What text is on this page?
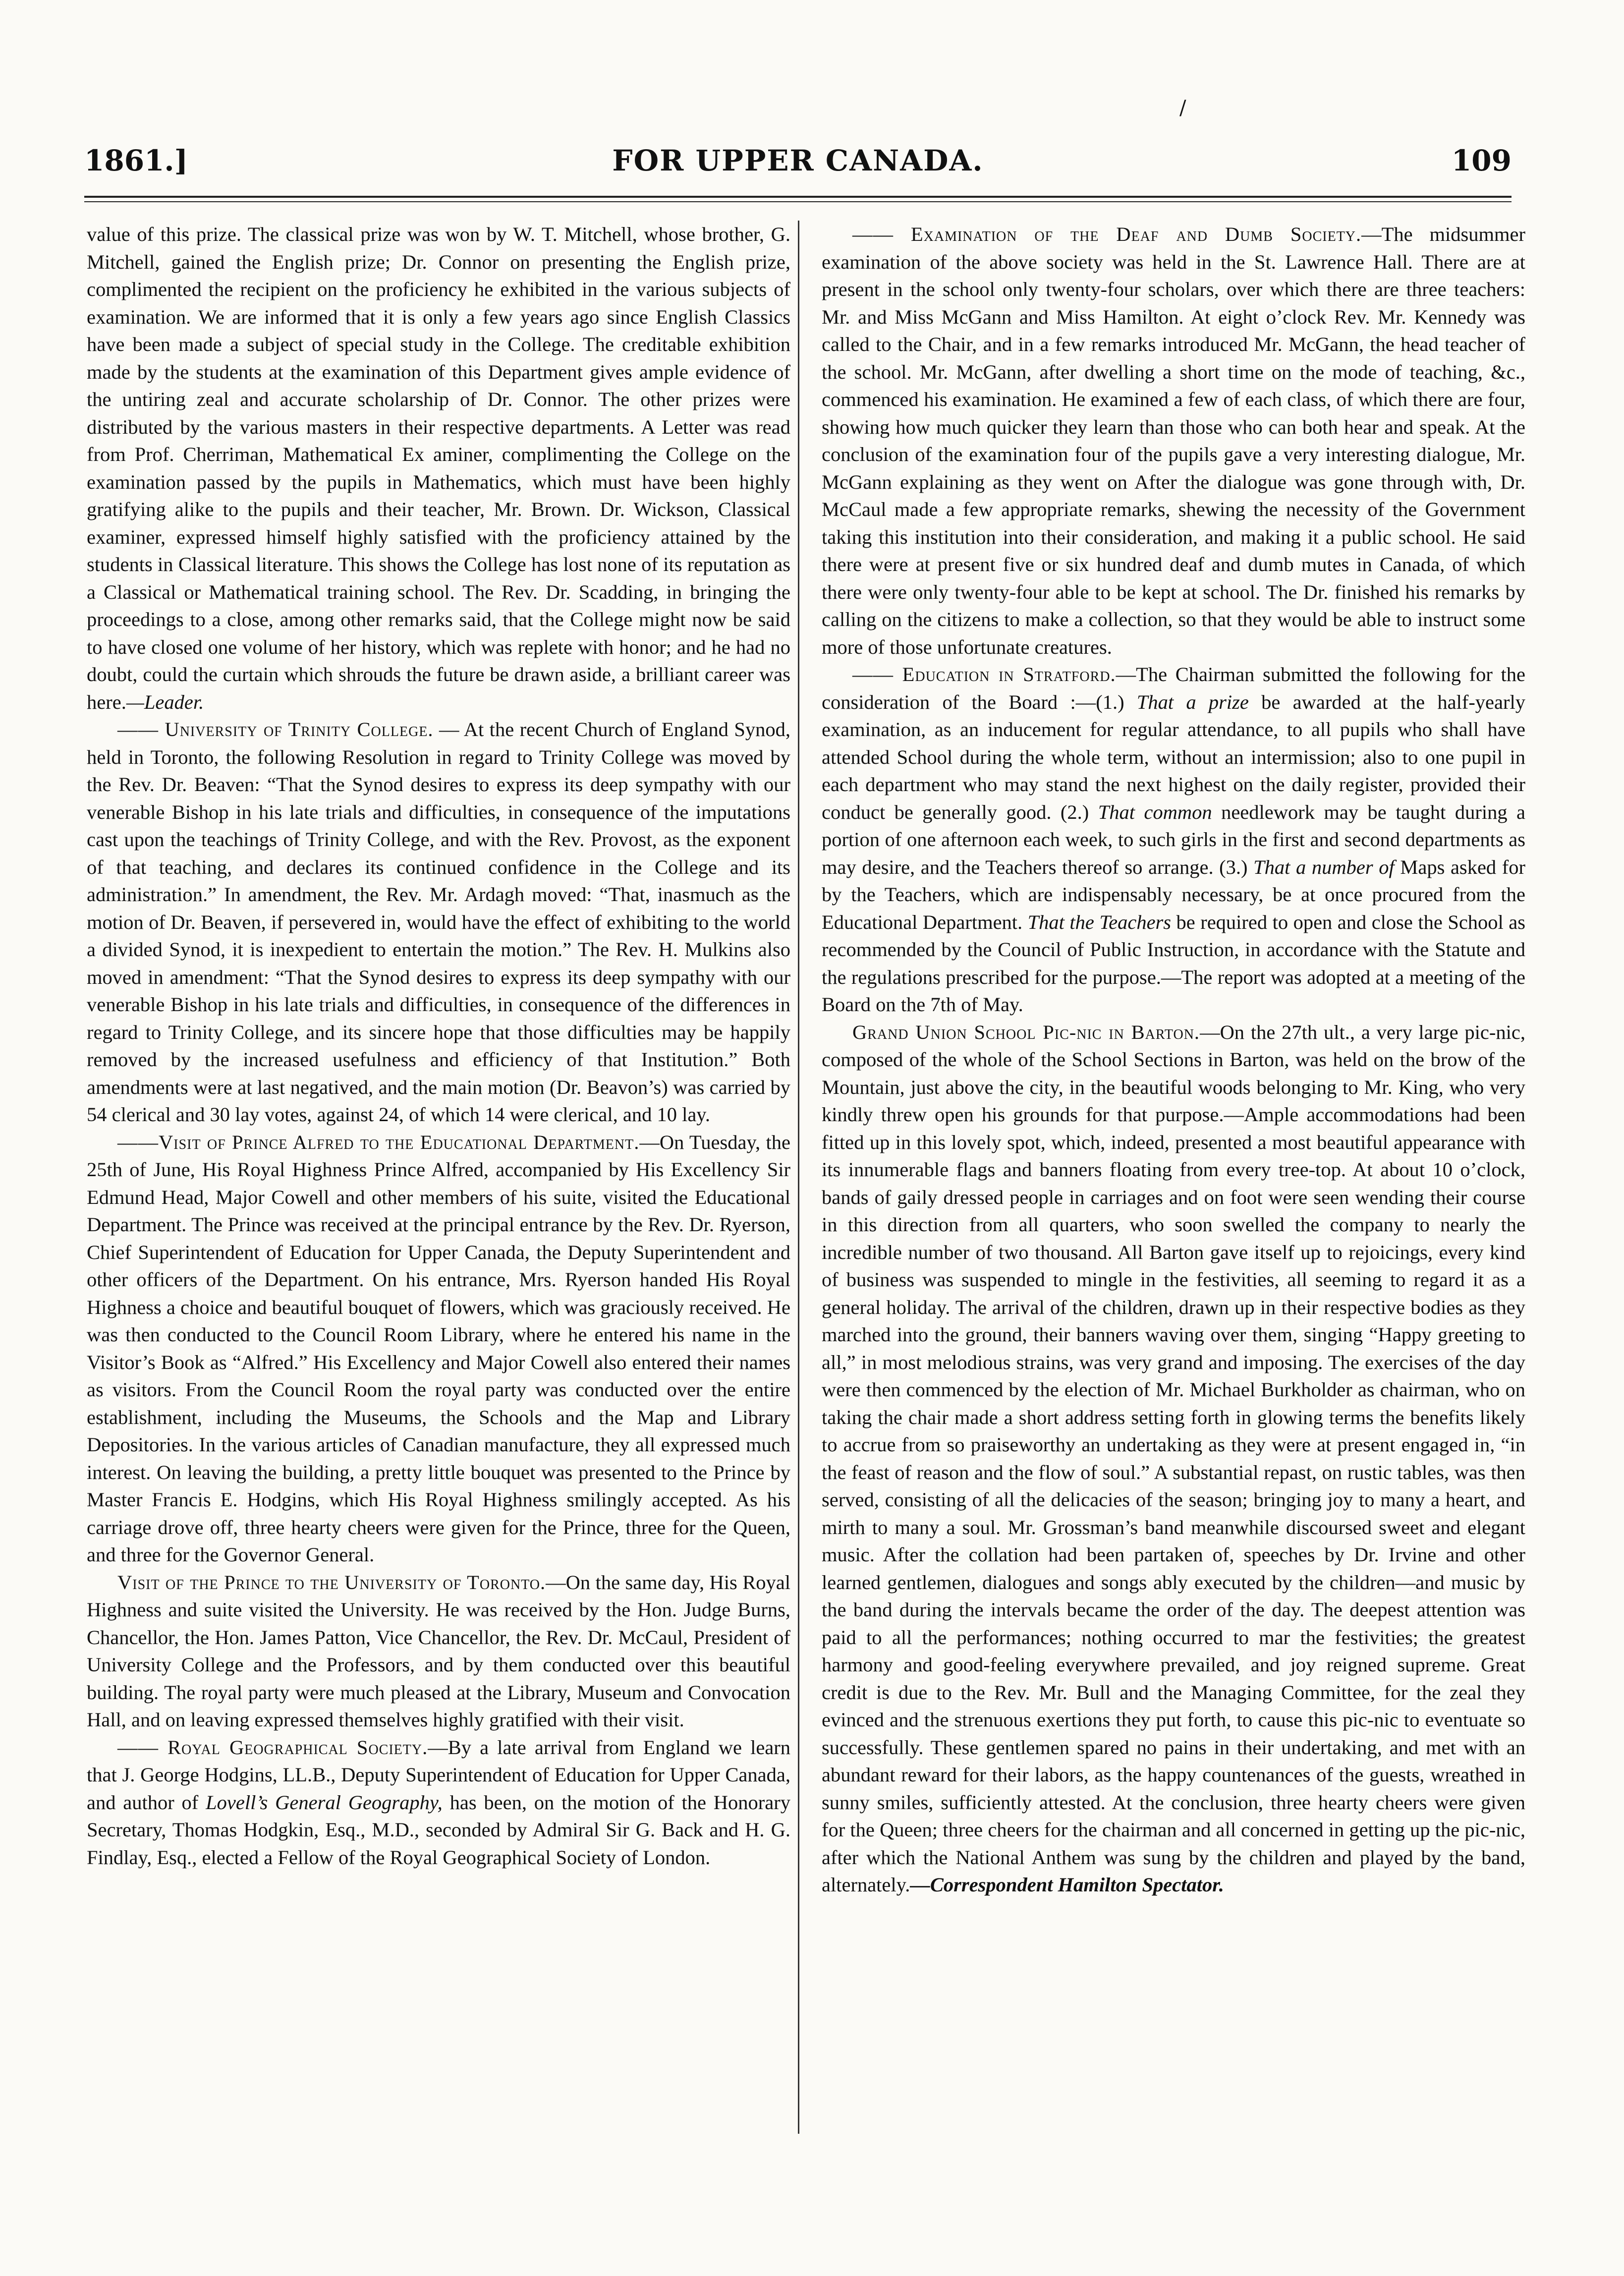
/
1861.]	FOR UPPER CANADA.	109

value of this prize. The classical prize was won by W. T. Mitchell, whose brother, G. Mitchell, gained the English prize; Dr. Connor on presenting the English prize, complimented the recipient on the proficiency he exhibited in the various subjects of examination. We are informed that it is only a few years ago since English Classics have been made a subject of special study in the College. The creditable exhibition made by the students at the examination of this Department gives ample evidence of the untiring zeal and accurate scholarship of Dr. Connor. The other prizes were distributed by the various masters in their respective departments. A Letter was read from Prof. Cherriman, Mathematical Ex aminer, complimenting the College on the examination passed by the pupils in Mathematics, which must have been highly gratifying alike to the pupils and their teacher, Mr. Brown. Dr. Wickson, Classical examiner, expressed himself highly satisfied with the proficiency attained by the students in Classical literature. This shows the College has lost none of its reputation as a Classical or Mathematical training school. The Rev. Dr. Scadding, in bringing the proceedings to a close, among other remarks said, that the College might now be said to have closed one volume of her history, which was replete with honor; and he had no doubt, could the curtain which shrouds the future be drawn aside, a brilliant career was here.—Leader.

—— University of Trinity College. — At the recent Church of England Synod, held in Toronto, the following Resolution in regard to Trinity College was moved by the Rev. Dr. Beaven: “That the Synod desires to express its deep sympathy with our venerable Bishop in his late trials and difficulties, in consequence of the imputations cast upon the teachings of Trinity College, and with the Rev. Provost, as the exponent of that teaching, and declares its continued confidence in the College and its administration.” In amendment, the Rev. Mr. Ardagh moved: “That, inasmuch as the motion of Dr. Beaven, if persevered in, would have the effect of exhibiting to the world a divided Synod, it is inexpedient to entertain the motion.” The Rev. H. Mulkins also moved in amendment: “That the Synod desires to express its deep sympathy with our venerable Bishop in his late trials and difficulties, in consequence of the differences in regard to Trinity College, and its sincere hope that those difficulties may be happily removed by the increased usefulness and efficiency of that Institution.” Both amendments were at last negatived, and the main motion (Dr. Beavon’s) was carried by 54 clerical and 30 lay votes, against 24, of which 14 were clerical, and 10 lay.

——Visit of Prince Alfred to the Educational Department.—On Tuesday, the 25th of June, His Royal Highness Prince Alfred, accompanied by His Excellency Sir Edmund Head, Major Cowell and other members of his suite, visited the Educational Department. The Prince was received at the principal entrance by the Rev. Dr. Ryerson, Chief Superintendent of Education for Upper Canada, the Deputy Superintendent and other officers of the Department. On his entrance, Mrs. Ryerson handed His Royal Highness a choice and beautiful bouquet of flowers, which was graciously received. He was then conducted to the Council Room Library, where he entered his name in the Visitor’s Book as “Alfred.” His Excellency and Major Cowell also entered their names as visitors. From the Council Room the royal party was conducted over the entire establishment, including the Museums, the Schools and the Map and Library Depositories. In the various articles of Canadian manufacture, they all expressed much interest. On leaving the building, a pretty little bouquet was presented to the Prince by Master Francis E. Hodgins, which His Royal Highness smilingly accepted. As his carriage drove off, three hearty cheers were given for the Prince, three for the Queen, and three for the Governor General.

Visit of the Prince to the University of Toronto.—On the same day, His Royal Highness and suite visited the University. He was received by the Hon. Judge Burns, Chancellor, the Hon. James Patton, Vice Chancellor, the Rev. Dr. McCaul, President of University College and the Professors, and by them conducted over this beautiful building. The royal party were much pleased at the Library, Museum and Convocation Hall, and on leaving expressed themselves highly gratified with their visit.

—— Royal Geographical Society.—By a late arrival from England we learn that J. George Hodgins, LL.B., Deputy Superintendent of Education for Upper Canada, and author of Lovell’s General Geography, has been, on the motion of the Honorary Secretary, Thomas Hodgkin, Esq., M.D., seconded by Admiral Sir G. Back and H. G. Findlay, Esq., elected a Fellow of the Royal Geographical Society of London.

—— Examination of the Deaf and Dumb Society.—The midsummer examination of the above society was held in the St. Lawrence Hall. There are at present in the school only twenty-four scholars, over which there are three teachers: Mr. and Miss McGann and Miss Hamilton. At eight o’clock Rev. Mr. Kennedy was called to the Chair, and in a few remarks introduced Mr. McGann, the head teacher of the school. Mr. McGann, after dwelling a short time on the mode of teaching, &c., commenced his examination. He examined a few of each class, of which there are four, showing how much quicker they learn than those who can both hear and speak. At the conclusion of the examination four of the pupils gave a very interesting dialogue, Mr. McGann explaining as they went on After the dialogue was gone through with, Dr. McCaul made a few appropriate remarks, shewing the necessity of the Government taking this institution into their consideration, and making it a public school. He said there were at present five or six hundred deaf and dumb mutes in Canada, of which there were only twenty-four able to be kept at school. The Dr. finished his remarks by calling on the citizens to make a collection, so that they would be able to instruct some more of those unfortunate creatures.

—— Education in Stratford.—The Chairman submitted the following for the consideration of the Board :—(1.) That a prize be awarded at the half-yearly examination, as an inducement for regular attendance, to all pupils who shall have attended School during the whole term, without an intermission; also to one pupil in each department who may stand the next highest on the daily register, provided their conduct be generally good. (2.) That common needlework may be taught during a portion of one afternoon each week, to such girls in the first and second departments as may desire, and the Teachers thereof so arrange. (3.) That a number of Maps asked for by the Teachers, which are indispensably necessary, be at once procured from the Educational Department. That the Teachers be required to open and close the School as recommended by the Council of Public Instruction, in accordance with the Statute and the regulations prescribed for the purpose.—The report was adopted at a meeting of the Board on the 7th of May.

Grand Union School Pic-nic in Barton.—On the 27th ult., a very large pic-nic, composed of the whole of the School Sections in Barton, was held on the brow of the Mountain, just above the city, in the beautiful woods belonging to Mr. King, who very kindly threw open his grounds for that purpose.—Ample accommodations had been fitted up in this lovely spot, which, indeed, presented a most beautiful appearance with its innumerable flags and banners floating from every tree-top. At about 10 o’clock, bands of gaily dressed people in carriages and on foot were seen wending their course in this direction from all quarters, who soon swelled the company to nearly the incredible number of two thousand. All Barton gave itself up to rejoicings, every kind of business was suspended to mingle in the festivities, all seeming to regard it as a general holiday. The arrival of the children, drawn up in their respective bodies as they marched into the ground, their banners waving over them, singing “Happy greeting to all,” in most melodious strains, was very grand and imposing. The exercises of the day were then commenced by the election of Mr. Michael Burkholder as chairman, who on taking the chair made a short address setting forth in glowing terms the benefits likely to accrue from so praiseworthy an undertaking as they were at present engaged in, “in the feast of reason and the flow of soul.” A substantial repast, on rustic tables, was then served, consisting of all the delicacies of the season; bringing joy to many a heart, and mirth to many a soul. Mr. Grossman’s band meanwhile discoursed sweet and elegant music. After the collation had been partaken of, speeches by Dr. Irvine and other learned gentlemen, dialogues and songs ably executed by the children—and music by the band during the intervals became the order of the day. The deepest attention was paid to all the performances; nothing occurred to mar the festivities; the greatest harmony and good-feeling everywhere prevailed, and joy reigned supreme. Great credit is due to the Rev. Mr. Bull and the Managing Committee, for the zeal they evinced and the strenuous exertions they put forth, to cause this pic-nic to eventuate so successfully. These gentlemen spared no pains in their undertaking, and met with an abundant reward for their labors, as the happy countenances of the guests, wreathed in sunny smiles, sufficiently attested. At the conclusion, three hearty cheers were given for the Queen; three cheers for the chairman and all concerned in getting up the pic-nic, after which the National Anthem was sung by the children and played by the band, alternately.—Correspondent Hamilton Spectator.
